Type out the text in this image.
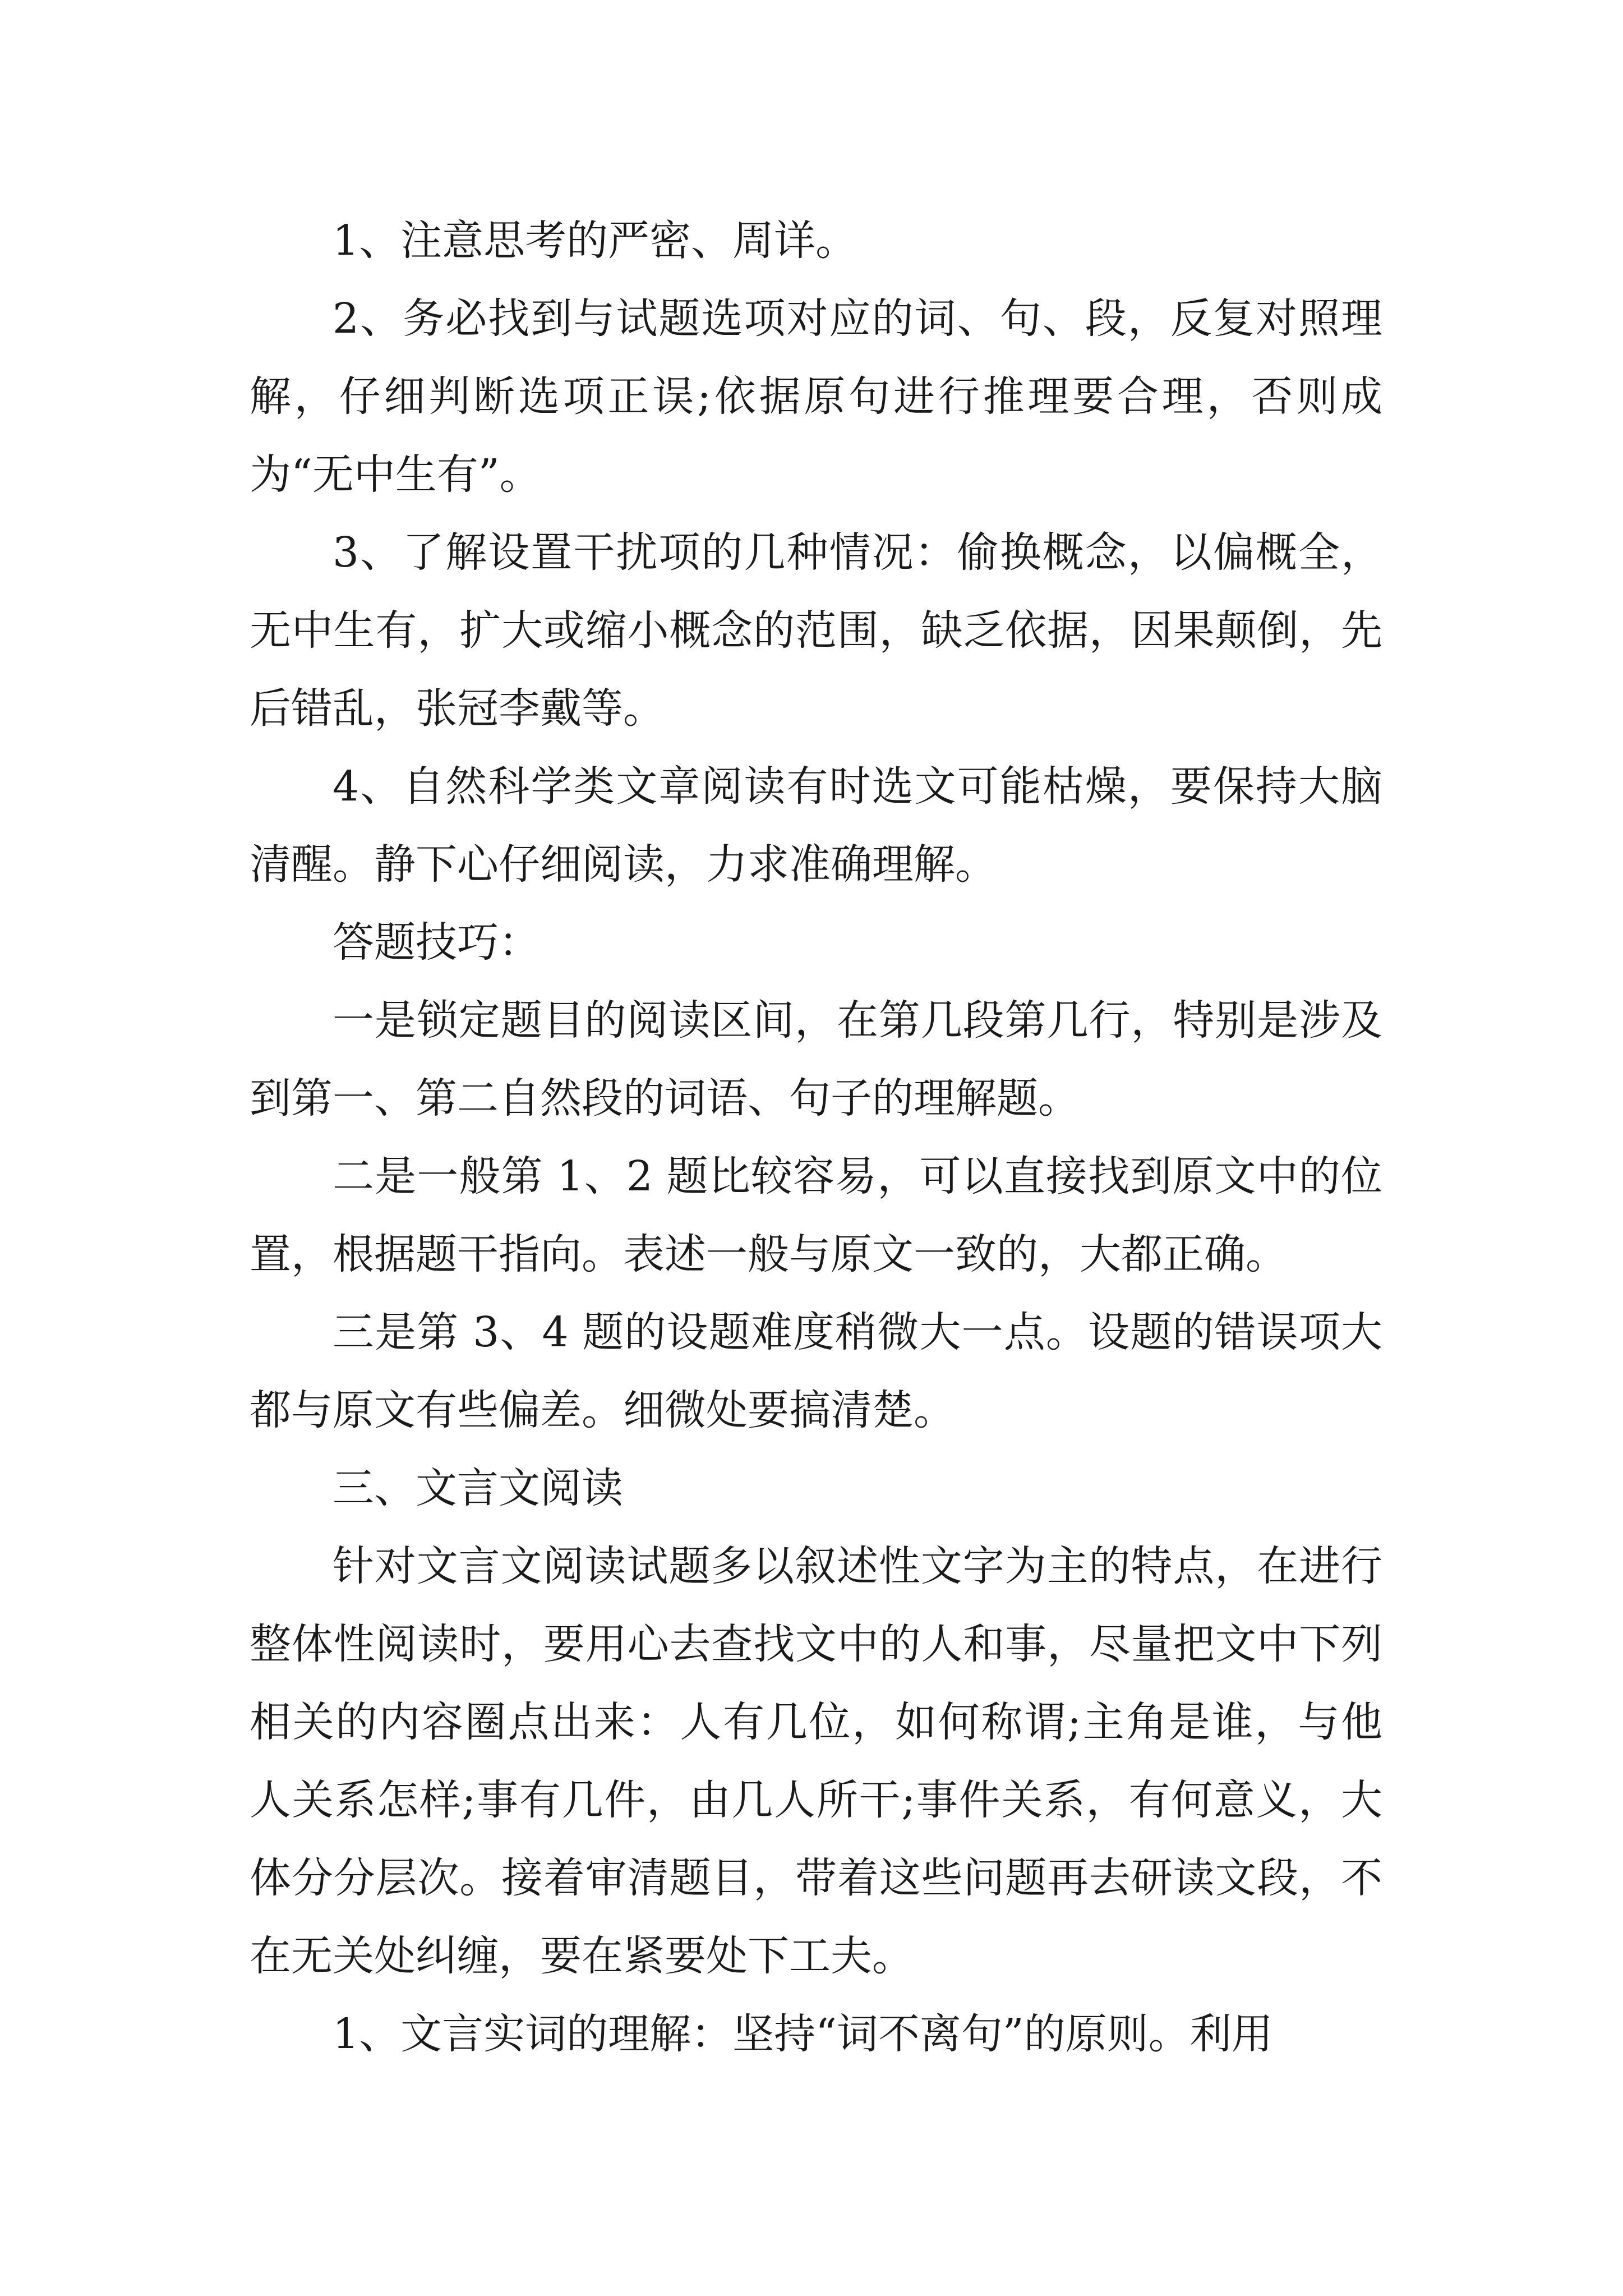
1、注意思考的严密、周详。

2、务必找到与试题选项对应的词、句、段，反复对照理解，仔细判断选项正误;依据原句进行推理要合理，否则成为“无中生有”。

3、了解设置干扰项的几种情况：偷换概念，以偏概全，无中生有，扩大或缩小概念的范围，缺乏依据，因果颠倒，先后错乱，张冠李戴等。

4、自然科学类文章阅读有时选文可能枯燥，要保持大脑清醒。静下心仔细阅读，力求准确理解。

答题技巧：

一是锁定题目的阅读区间，在第几段第几行，特别是涉及到第一、第二自然段的词语、句子的理解题。

二是一般第 1、2 题比较容易，可以直接找到原文中的位置，根据题干指向。表述一般与原文一致的，大都正确。

三是第 3、4 题的设题难度稍微大一点。设题的错误项大都与原文有些偏差。细微处要搞清楚。

三、文言文阅读

针对文言文阅读试题多以叙述性文字为主的特点，在进行整体性阅读时，要用心去查找文中的人和事，尽量把文中下列相关的内容圈点出来：人有几位，如何称谓;主角是谁，与他人关系怎样;事有几件，由几人所干;事件关系，有何意义，大体分分层次。接着审清题目，带着这些问题再去研读文段，不在无关处纠缠，要在紧要处下工夫。

1、文言实词的理解：坚持“词不离句”的原则。利用
